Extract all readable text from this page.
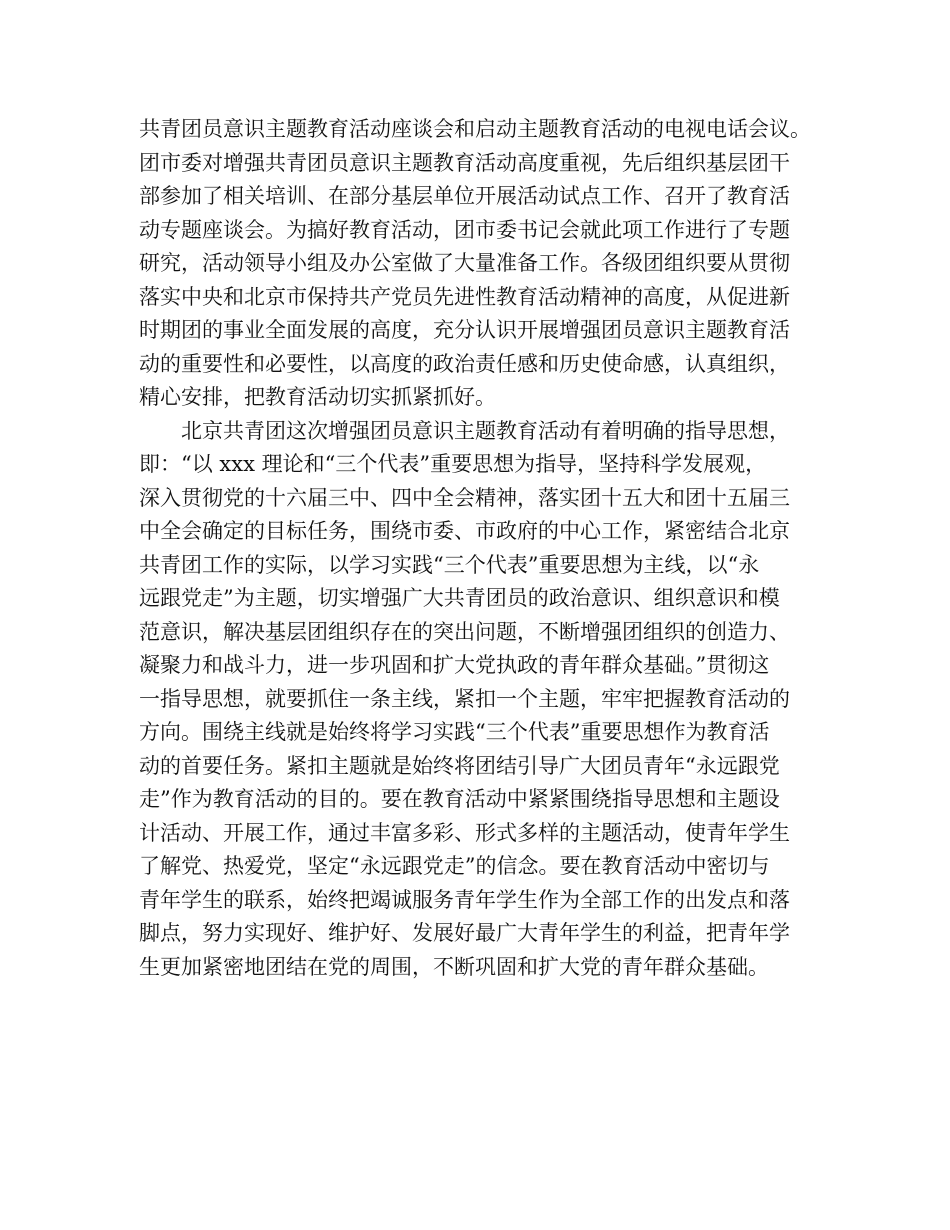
共青团员意识主题教育活动座谈会和启动主题教育活动的电视电话会议。
团市委对增强共青团员意识主题教育活动高度重视，先后组织基层团干
部参加了相关培训、在部分基层单位开展活动试点工作、召开了教育活
动专题座谈会。为搞好教育活动，团市委书记会就此项工作进行了专题
研究，活动领导小组及办公室做了大量准备工作。各级团组织要从贯彻
落实中央和北京市保持共产党员先进性教育活动精神的高度，从促进新
时期团的事业全面发展的高度，充分认识开展增强团员意识主题教育活
动的重要性和必要性，以高度的政治责任感和历史使命感，认真组织，
精心安排，把教育活动切实抓紧抓好。

北京共青团这次增强团员意识主题教育活动有着明确的指导思想，
即：“以 xxx 理论和“三个代表”重要思想为指导，坚持科学发展观，
深入贯彻党的十六届三中、四中全会精神，落实团十五大和团十五届三
中全会确定的目标任务，围绕市委、市政府的中心工作，紧密结合北京
共青团工作的实际，以学习实践“三个代表”重要思想为主线，以“永
远跟党走”为主题，切实增强广大共青团员的政治意识、组织意识和模
范意识，解决基层团组织存在的突出问题，不断增强团组织的创造力、
凝聚力和战斗力，进一步巩固和扩大党执政的青年群众基础。”贯彻这
一指导思想，就要抓住一条主线，紧扣一个主题，牢牢把握教育活动的
方向。围绕主线就是始终将学习实践“三个代表”重要思想作为教育活
动的首要任务。紧扣主题就是始终将团结引导广大团员青年“永远跟党
走”作为教育活动的目的。要在教育活动中紧紧围绕指导思想和主题设
计活动、开展工作，通过丰富多彩、形式多样的主题活动，使青年学生
了解党、热爱党，坚定“永远跟党走”的信念。要在教育活动中密切与
青年学生的联系，始终把竭诚服务青年学生作为全部工作的出发点和落
脚点，努力实现好、维护好、发展好最广大青年学生的利益，把青年学
生更加紧密地团结在党的周围，不断巩固和扩大党的青年群众基础。
